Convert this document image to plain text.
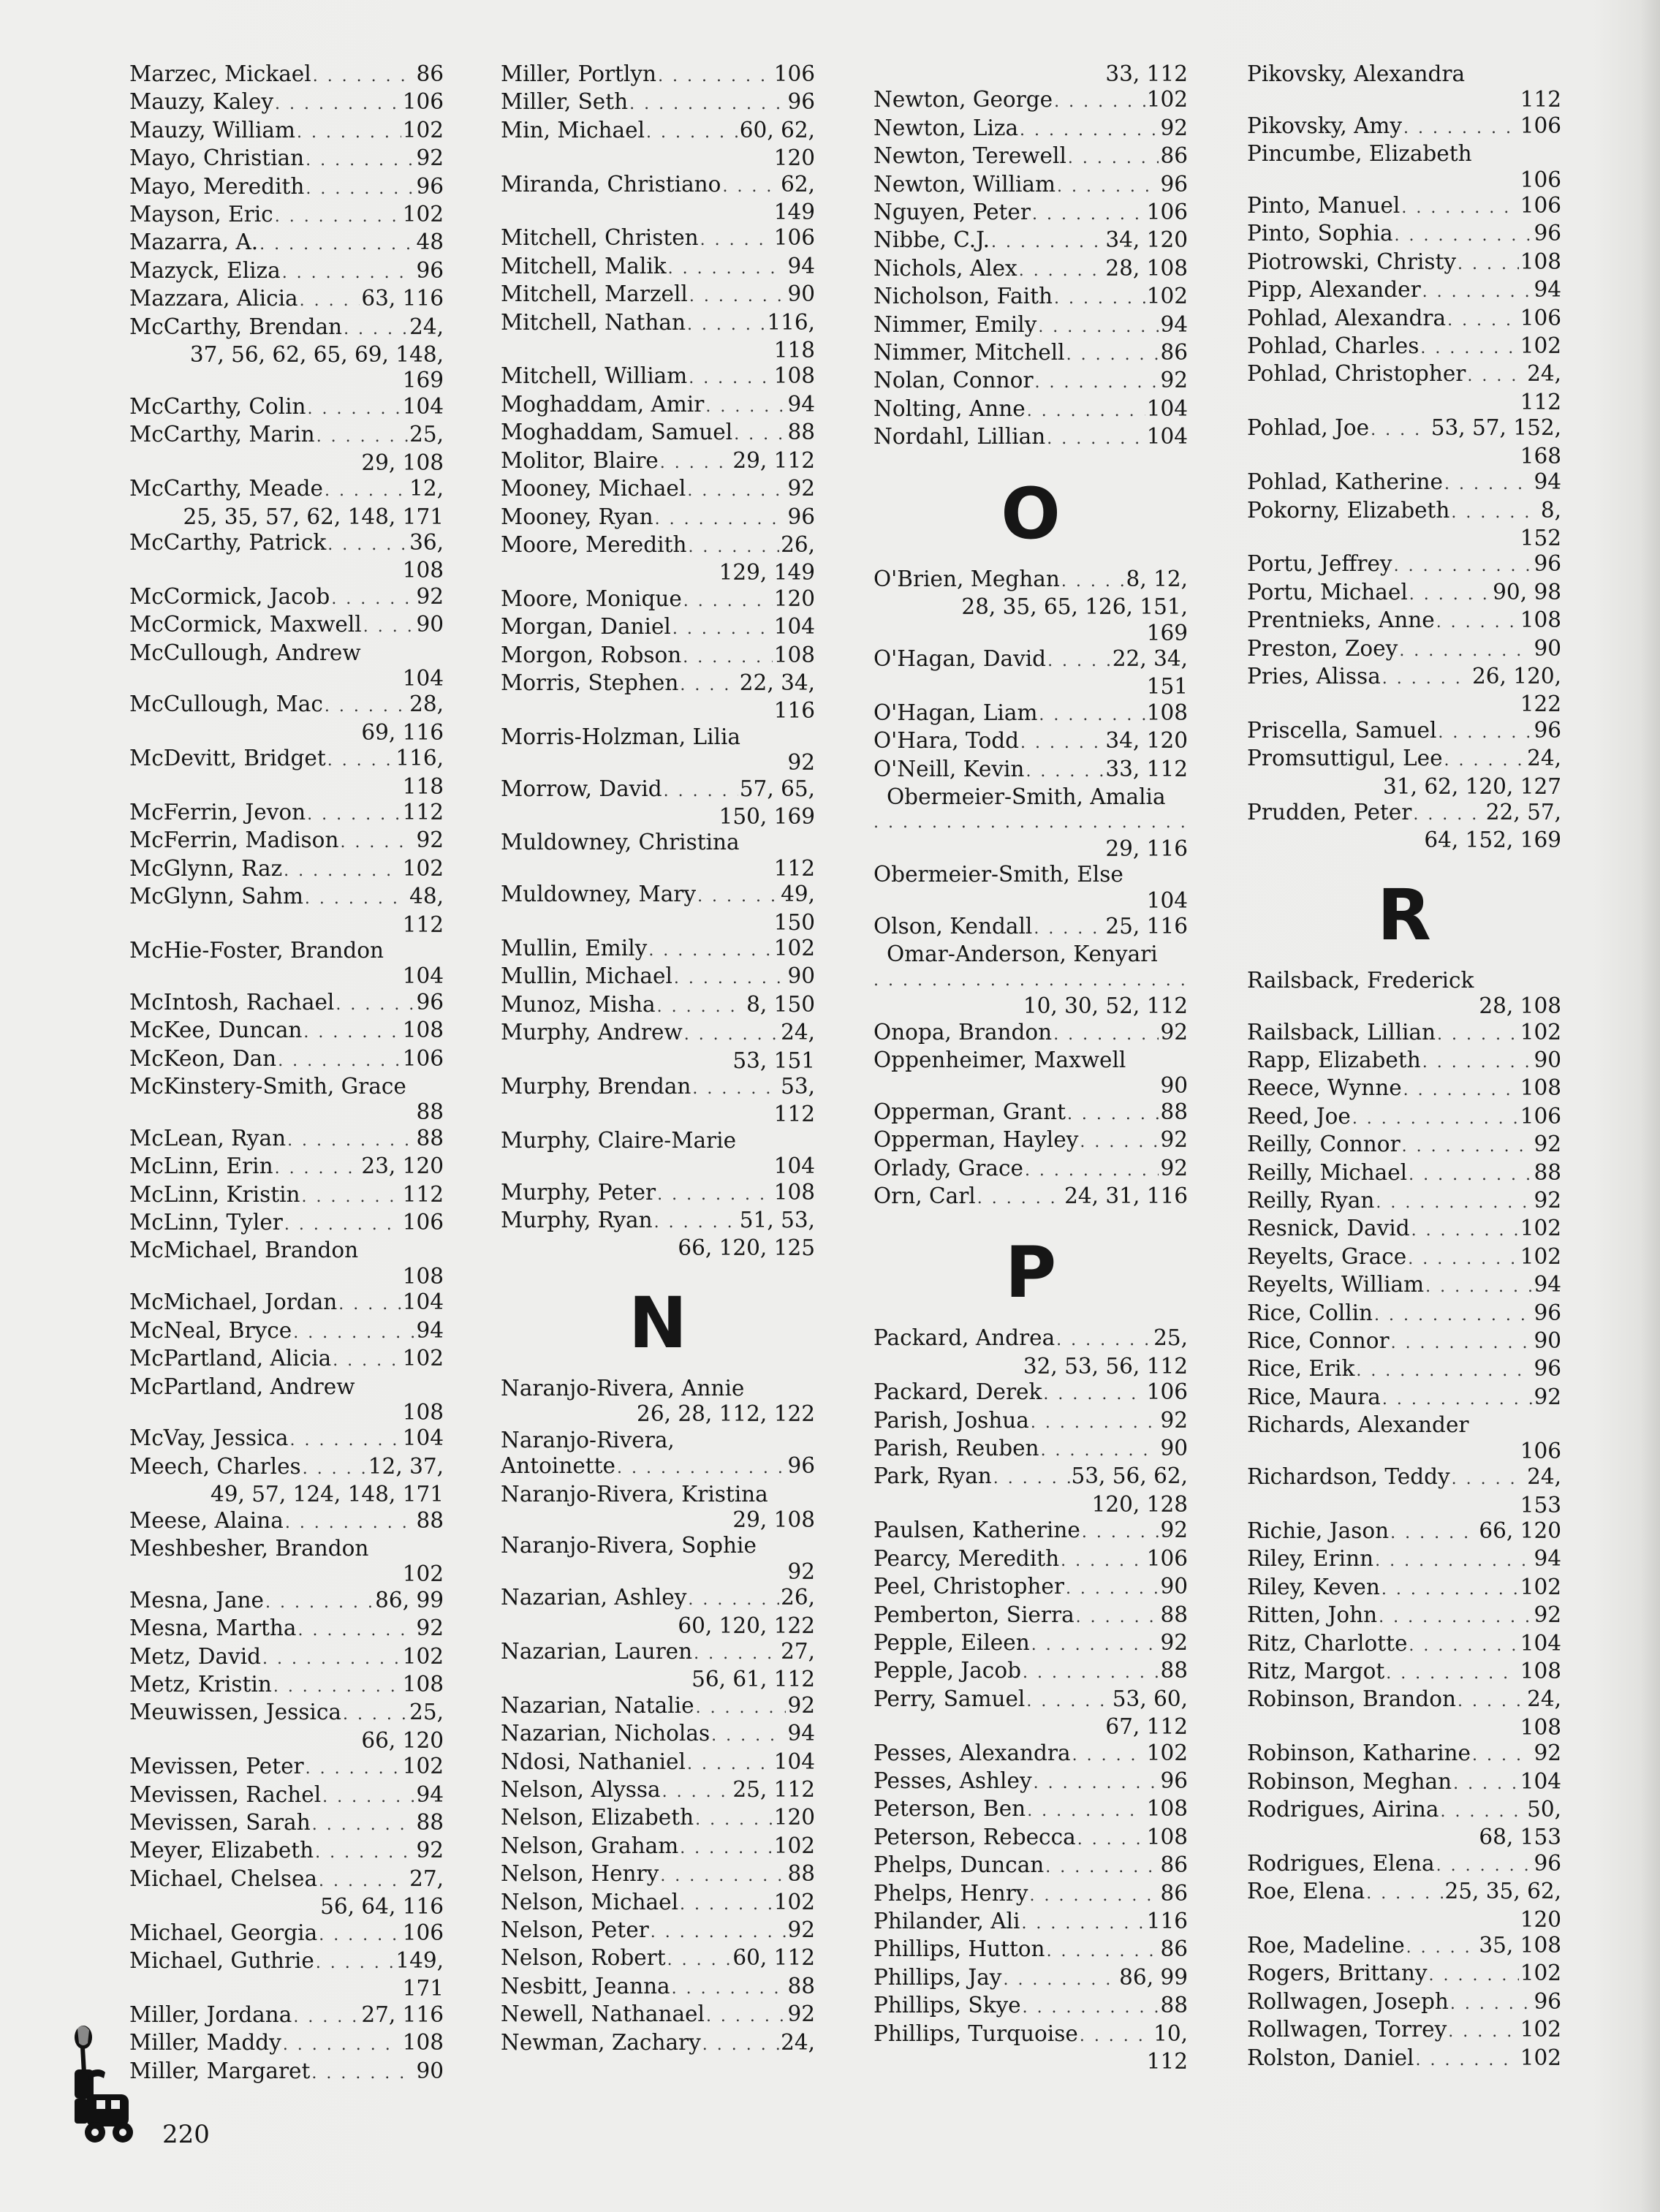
Marzec, Mickael . . .	86
Mauzy, Kaley . . .	106
Mauzy, William . . .	102
Mayo, Christian . . .	92
Mayo, Meredith . . .	96
Mayson, Eric . . .	102
Mazarra, A. . . .	48
Mazyck, Eliza . . .	96
Mazzara, Alicia . . .	63, 116
McCarthy, Brendan . . .	24,
37, 56, 62, 65, 69, 148,
169
McCarthy, Colin . . .	104
McCarthy, Marin . . .	25,
29, 108
McCarthy, Meade . . .	12,
25, 35, 57, 62, 148, 171
McCarthy, Patrick . . .	36,
108
McCormick, Jacob . . .	92
McCormick, Maxwell . . .	90
McCullough, Andrew
104
McCullough, Mac . . .	28,
69, 116
McDevitt, Bridget . . .	116,
118
McFerrin, Jevon . . .	112
McFerrin, Madison . . .	92
McGlynn, Raz . . .	102
McGlynn, Sahm . . .	48,
112
McHie-Foster, Brandon
104
McIntosh, Rachael . . .	96
McKee, Duncan . . .	108
McKeon, Dan . . .	106
McKinstery-Smith, Grace
88
McLean, Ryan . . .	88
McLinn, Erin . . .	23, 120
McLinn, Kristin . . .	112
McLinn, Tyler . . .	106
McMichael, Brandon
108
McMichael, Jordan . . .	104
McNeal, Bryce . . .	94
McPartland, Alicia . . .	102
McPartland, Andrew
108
McVay, Jessica . . .	104
Meech, Charles . . .	12, 37,
49, 57, 124, 148, 171
Meese, Alaina . . .	88
Meshbesher, Brandon
102
Mesna, Jane . . .	86, 99
Mesna, Martha . . .	92
Metz, David . . .	102
Metz, Kristin . . .	108
Meuwissen, Jessica . . .	25,
66, 120
Mevissen, Peter . . .	102
Mevissen, Rachel . . .	94
Mevissen, Sarah . . .	88
Meyer, Elizabeth . . .	92
Michael, Chelsea . . .	27,
56, 64, 116
Michael, Georgia . . .	106
Michael, Guthrie . . .	149,
171
Miller, Jordana . . .	27, 116
Miller, Maddy . . .	108
Miller, Margaret . . .	90
Miller, Portlyn . . .	106
Miller, Seth . . .	96
Min, Michael . . .	60, 62,
120
Miranda, Christiano . . .	62,
149
Mitchell, Christen . . .	106
Mitchell, Malik . . .	94
Mitchell, Marzell . . .	90
Mitchell, Nathan . . .	116,
118
Mitchell, William . . .	108
Moghaddam, Amir . . .	94
Moghaddam, Samuel . . .	88
Molitor, Blaire . . .	29, 112
Mooney, Michael . . .	92
Mooney, Ryan . . .	96
Moore, Meredith . . .	26,
129, 149
Moore, Monique . . .	120
Morgan, Daniel . . .	104
Morgon, Robson . . .	108
Morris, Stephen . . .	22, 34,
116
Morris-Holzman, Lilia
92
Morrow, David . . .	57, 65,
150, 169
Muldowney, Christina
112
Muldowney, Mary . . .	49,
150
Mullin, Emily . . .	102
Mullin, Michael . . .	90
Munoz, Misha . . .	8, 150
Murphy, Andrew . . .	24,
53, 151
Murphy, Brendan . . .	53,
112
Murphy, Claire-Marie
104
Murphy, Peter . . .	108
Murphy, Ryan . . .	51, 53,
66, 120, 125
N
Naranjo-Rivera, Annie
26, 28, 112, 122
Naranjo-Rivera,
Antoinette . . .	96
Naranjo-Rivera, Kristina
29, 108
Naranjo-Rivera, Sophie
92
Nazarian, Ashley . . .	26,
60, 120, 122
Nazarian, Lauren . . .	27,
56, 61, 112
Nazarian, Natalie . . .	92
Nazarian, Nicholas . . .	94
Ndosi, Nathaniel . . .	104
Nelson, Alyssa . . .	25, 112
Nelson, Elizabeth . . .	120
Nelson, Graham . . .	102
Nelson, Henry . . .	88
Nelson, Michael . . .	102
Nelson, Peter . . .	92
Nelson, Robert . . .	60, 112
Nesbitt, Jeanna . . .	88
Newell, Nathanael . . .	92
Newman, Zachary . . .	24,
33, 112
Newton, George . . .	102
Newton, Liza . . .	92
Newton, Terewell . . .	86
Newton, William . . .	96
Nguyen, Peter . . .	106
Nibbe, C.J. . . .	34, 120
Nichols, Alex . . .	28, 108
Nicholson, Faith . . .	102
Nimmer, Emily . . .	94
Nimmer, Mitchell . . .	86
Nolan, Connor . . .	92
Nolting, Anne . . .	104
Nordahl, Lillian . . .	104
O
O'Brien, Meghan . . .	8, 12,
28, 35, 65, 126, 151,
169
O'Hagan, David . . .	22, 34,
151
O'Hagan, Liam . . .	108
O'Hara, Todd . . .	34, 120
O'Neill, Kevin . . .	33, 112
Obermeier-Smith, Amalia
. . .
29, 116
Obermeier-Smith, Else
104
Olson, Kendall . . .	25, 116
Omar-Anderson, Kenyari
. . .
10, 30, 52, 112
Onopa, Brandon . . .	92
Oppenheimer, Maxwell
90
Opperman, Grant . . .	88
Opperman, Hayley . . .	92
Orlady, Grace . . .	92
Orn, Carl . . .	24, 31, 116
P
Packard, Andrea . . .	25,
32, 53, 56, 112
Packard, Derek . . .	106
Parish, Joshua . . .	92
Parish, Reuben . . .	90
Park, Ryan . . .	53, 56, 62,
120, 128
Paulsen, Katherine . . .	92
Pearcy, Meredith . . .	106
Peel, Christopher . . .	90
Pemberton, Sierra . . .	88
Pepple, Eileen . . .	92
Pepple, Jacob . . .	88
Perry, Samuel . . .	53, 60,
67, 112
Pesses, Alexandra . . .	102
Pesses, Ashley . . .	96
Peterson, Ben . . .	108
Peterson, Rebecca . . .	108
Phelps, Duncan . . .	86
Phelps, Henry . . .	86
Philander, Ali . . .	116
Phillips, Hutton . . .	86
Phillips, Jay . . .	86, 99
Phillips, Skye . . .	88
Phillips, Turquoise . . .	10,
112
Pikovsky, Alexandra
112
Pikovsky, Amy . . .	106
Pincumbe, Elizabeth
106
Pinto, Manuel . . .	106
Pinto, Sophia . . .	96
Piotrowski, Christy . . .	108
Pipp, Alexander . . .	94
Pohlad, Alexandra . . .	106
Pohlad, Charles . . .	102
Pohlad, Christopher . . .	24,
112
Pohlad, Joe . . .	53, 57, 152,
168
Pohlad, Katherine . . .	94
Pokorny, Elizabeth . . .	8,
152
Portu, Jeffrey . . .	96
Portu, Michael . . .	90, 98
Prentnieks, Anne . . .	108
Preston, Zoey . . .	90
Pries, Alissa . . .	26, 120,
122
Priscella, Samuel . . .	96
Promsuttigul, Lee . . .	24,
31, 62, 120, 127
Prudden, Peter . . .	22, 57,
64, 152, 169
R
Railsback, Frederick
28, 108
Railsback, Lillian . . .	102
Rapp, Elizabeth . . .	90
Reece, Wynne . . .	108
Reed, Joe . . .	106
Reilly, Connor . . .	92
Reilly, Michael . . .	88
Reilly, Ryan . . .	92
Resnick, David . . .	102
Reyelts, Grace . . .	102
Reyelts, William . . .	94
Rice, Collin . . .	96
Rice, Connor . . .	90
Rice, Erik . . .	96
Rice, Maura . . .	92
Richards, Alexander
106
Richardson, Teddy . . .	24,
153
Richie, Jason . . .	66, 120
Riley, Erinn . . .	94
Riley, Keven . . .	102
Ritten, John . . .	92
Ritz, Charlotte . . .	104
Ritz, Margot . . .	108
Robinson, Brandon . . .	24,
108
Robinson, Katharine . . .	92
Robinson, Meghan . . .	104
Rodrigues, Airina . . .	50,
68, 153
Rodrigues, Elena . . .	96
Roe, Elena . . .	25, 35, 62,
120
Roe, Madeline . . .	35, 108
Rogers, Brittany . . .	102
Rollwagen, Joseph . . .	96
Rollwagen, Torrey . . .	102
Rolston, Daniel . . .	102
220
